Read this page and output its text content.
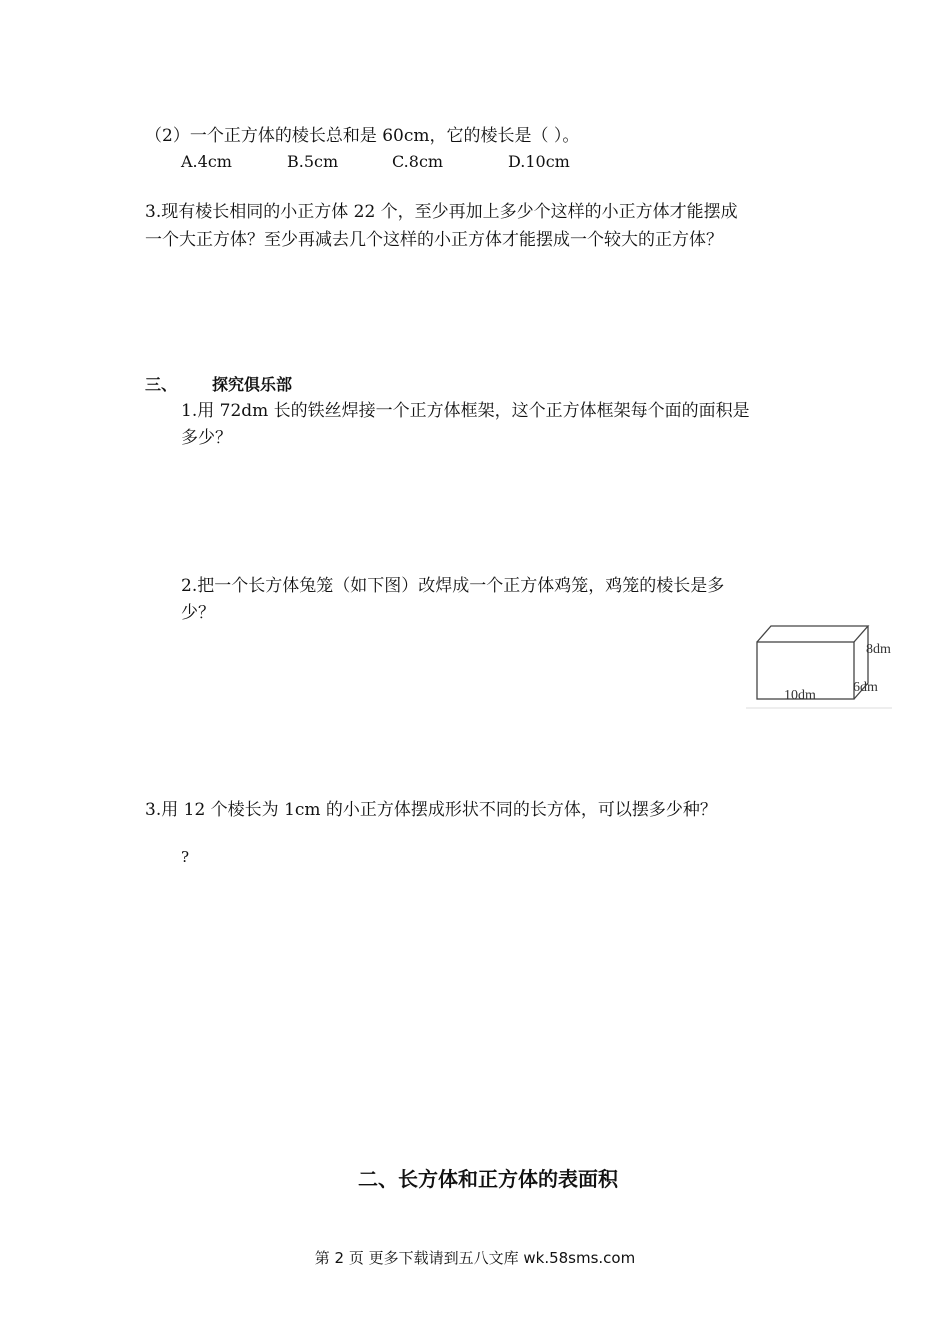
（2）一个正方体的棱长总和是 60cm，它的棱长是（ ）。
A.4cm	B.5cm	C.8cm	D.10cm
3.现有棱长相同的小正方体 22 个，至少再加上多少个这样的小正方体才能摆成
一个大正方体？至少再减去几个这样的小正方体才能摆成一个较大的正方体？
三、 探究俱乐部
1.用 72dm 长的铁丝焊接一个正方体框架，这个正方体框架每个面的面积是
多少？
2.把一个长方体兔笼（如下图）改焊成一个正方体鸡笼，鸡笼的棱长是多
少？
8dm
6dm
10dm
3.用 12 个棱长为 1cm 的小正方体摆成形状不同的长方体，可以摆多少种？
?
二、长方体和正方体的表面积
第 2 页 更多下载请到五八文库 wk.58sms.com
